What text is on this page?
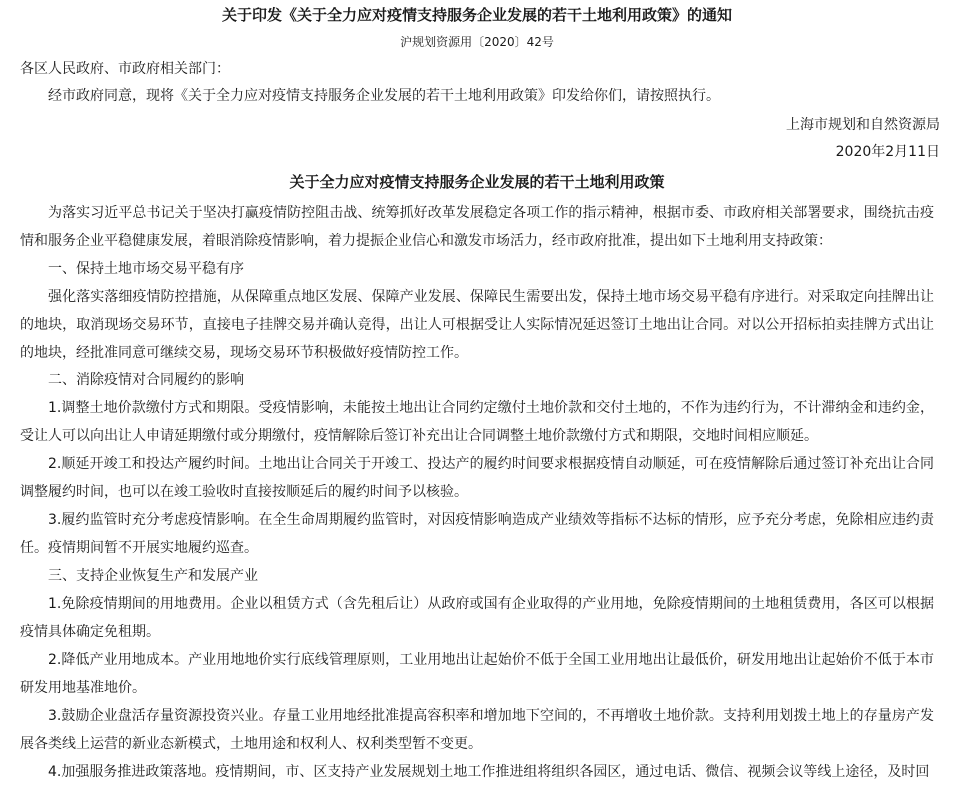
关于印发《关于全力应对疫情支持服务企业发展的若干土地利用政策》的通知

沪规划资源用〔2020〕42号

各区人民政府、市政府相关部门：

经市政府同意，现将《关于全力应对疫情支持服务企业发展的若干土地利用政策》印发给你们，请按照执行。

上海市规划和自然资源局

2020年2月11日

关于全力应对疫情支持服务企业发展的若干土地利用政策

为落实习近平总书记关于坚决打赢疫情防控阻击战、统筹抓好改革发展稳定各项工作的指示精神，根据市委、市政府相关部署要求，围绕抗击疫情和服务企业平稳健康发展，着眼消除疫情影响，着力提振企业信心和激发市场活力，经市政府批准，提出如下土地利用支持政策：

一、保持土地市场交易平稳有序

强化落实落细疫情防控措施，从保障重点地区发展、保障产业发展、保障民生需要出发，保持土地市场交易平稳有序进行。对采取定向挂牌出让的地块，取消现场交易环节，直接电子挂牌交易并确认竞得，出让人可根据受让人实际情况延迟签订土地出让合同。对以公开招标拍卖挂牌方式出让的地块，经批准同意可继续交易，现场交易环节积极做好疫情防控工作。

二、消除疫情对合同履约的影响

1.调整土地价款缴付方式和期限。受疫情影响，未能按土地出让合同约定缴付土地价款和交付土地的，不作为违约行为，不计滞纳金和违约金，受让人可以向出让人申请延期缴付或分期缴付，疫情解除后签订补充出让合同调整土地价款缴付方式和期限，交地时间相应顺延。

2.顺延开竣工和投达产履约时间。土地出让合同关于开竣工、投达产的履约时间要求根据疫情自动顺延，可在疫情解除后通过签订补充出让合同调整履约时间，也可以在竣工验收时直接按顺延后的履约时间予以核验。

3.履约监管时充分考虑疫情影响。在全生命周期履约监管时，对因疫情影响造成产业绩效等指标不达标的情形，应予充分考虑，免除相应违约责任。疫情期间暂不开展实地履约巡查。

三、支持企业恢复生产和发展产业

1.免除疫情期间的用地费用。企业以租赁方式（含先租后让）从政府或国有企业取得的产业用地，免除疫情期间的土地租赁费用，各区可以根据疫情具体确定免租期。

2.降低产业用地成本。产业用地地价实行底线管理原则，工业用地出让起始价不低于全国工业用地出让最低价，研发用地出让起始价不低于本市研发用地基准地价。

3.鼓励企业盘活存量资源投资兴业。存量工业用地经批准提高容积率和增加地下空间的，不再增收土地价款。支持利用划拨土地上的存量房产发展各类线上运营的新业态新模式，土地用途和权利人、权利类型暂不变更。

4.加强服务推进政策落地。疫情期间，市、区支持产业发展规划土地工作推进组将组织各园区，通过电话、微信、视频会议等线上途径，及时回
